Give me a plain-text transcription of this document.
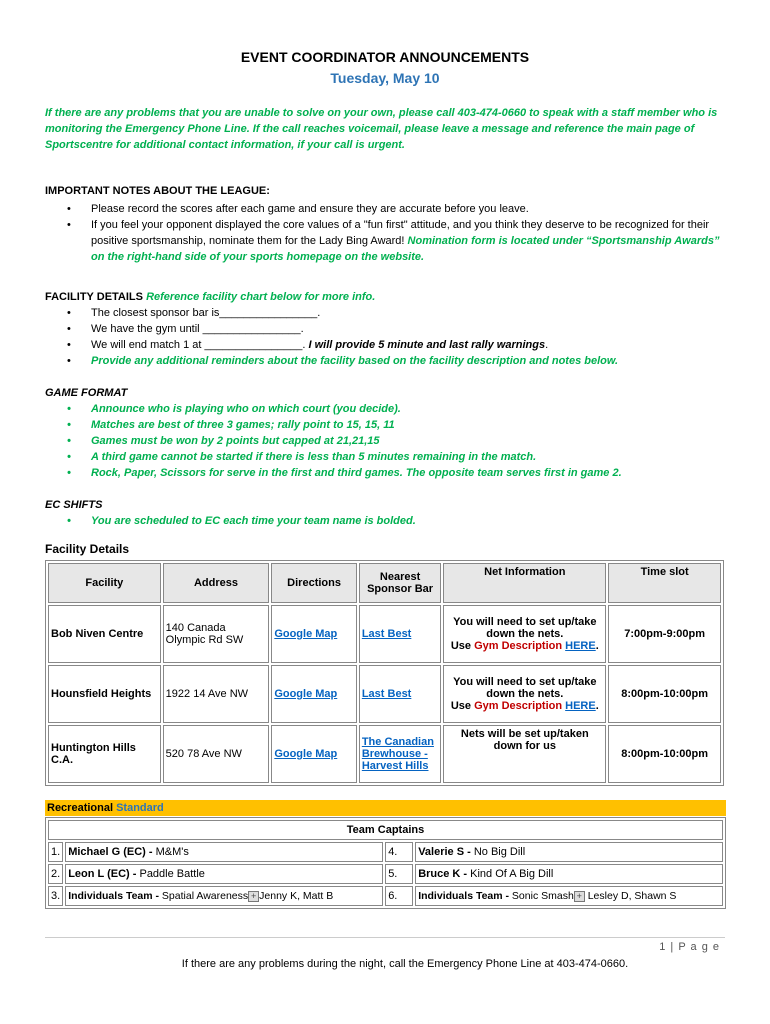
EVENT COORDINATOR ANNOUNCEMENTS
Tuesday, May 10
If there are any problems that you are unable to solve on your own, please call 403-474-0660 to speak with a staff member who is monitoring the Emergency Phone Line. If the call reaches voicemail, please leave a message and reference the main page of Sportscentre for additional contact information, if your call is urgent.
IMPORTANT NOTES ABOUT THE LEAGUE:
• Please record the scores after each game and ensure they are accurate before you leave.
• If you feel your opponent displayed the core values of a "fun first" attitude, and you think they deserve to be recognized for their positive sportsmanship, nominate them for the Lady Bing Award! Nomination form is located under “Sportsmanship Awards” on the right-hand side of your sports homepage on the website.
FACILITY DETAILS Reference facility chart below for more info.
• The closest sponsor bar is________________.
• We have the gym until ________________.
• We will end match 1 at ________________. I will provide 5 minute and last rally warnings.
• Provide any additional reminders about the facility based on the facility description and notes below.
GAME FORMAT
• Announce who is playing who on which court (you decide).
• Matches are best of three 3 games; rally point to 15, 15, 11
• Games must be won by 2 points but capped at 21,21,15
• A third game cannot be started if there is less than 5 minutes remaining in the match.
• Rock, Paper, Scissors for serve in the first and third games. The opposite team serves first in game 2.
EC SHIFTS
• You are scheduled to EC each time your team name is bolded.
Facility Details
Facility	Address	Directions	Nearest Sponsor Bar	Net Information	Time slot
Bob Niven Centre	140 Canada Olympic Rd SW	Google Map	Last Best	You will need to set up/take down the nets.
Use Gym Description HERE.	7:00pm-9:00pm
Hounsfield Heights	1922 14 Ave NW	Google Map	Last Best	You will need to set up/take down the nets.
Use Gym Description HERE.	8:00pm-10:00pm
Huntington Hills C.A.	520 78 Ave NW	Google Map	The Canadian Brewhouse - Harvest Hills	Nets will be set up/taken down for us	8:00pm-10:00pm
Recreational Standard
Team Captains			
1.	Michael G (EC) - M&M's	4.	Valerie S - No Big Dill
2.	Leon L (EC) - Paddle Battle	5.	Bruce K - Kind Of A Big Dill
3.	Individuals Team - Spatial Awareness + Jenny K, Matt B	6.	Individuals Team - Sonic Smash + Lesley D, Shawn S
1 | P a g e
If there are any problems during the night, call the Emergency Phone Line at 403-474-0660.
